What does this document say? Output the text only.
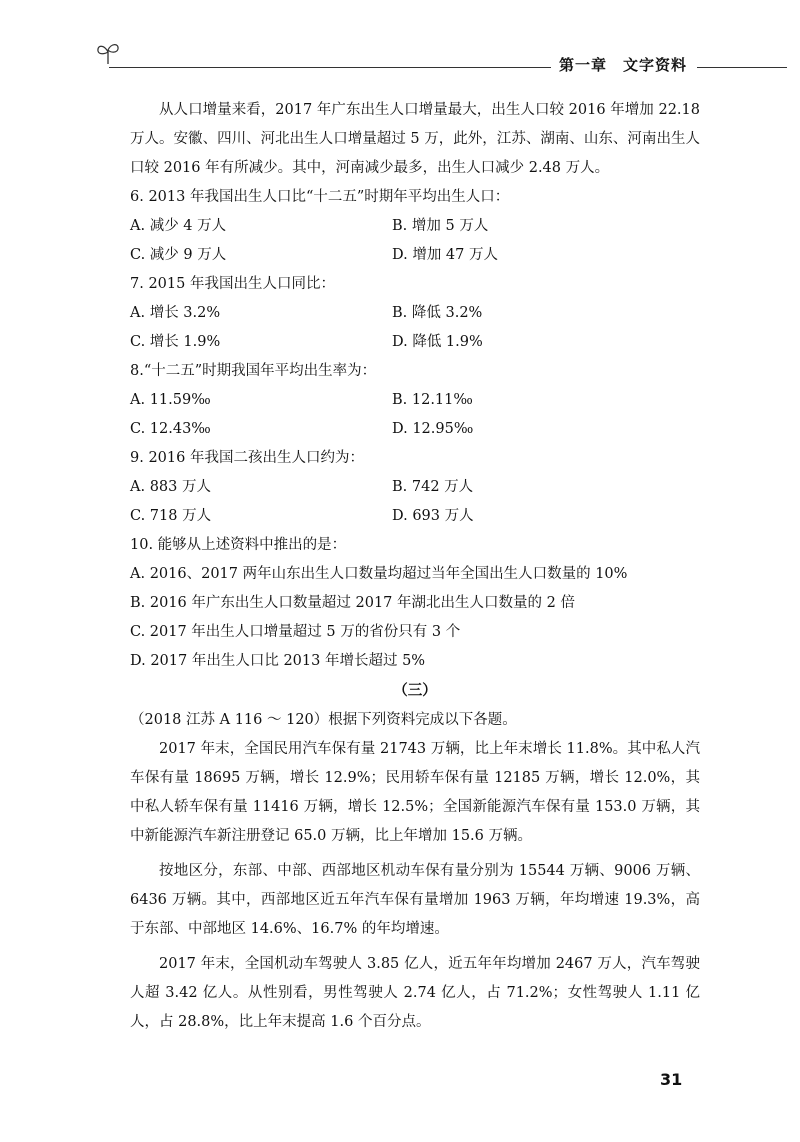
第一章　文字资料

从人口增量来看，2017 年广东出生人口增量最大，出生人口较 2016 年增加 22.18 万人。安徽、四川、河北出生人口增量超过 5 万，此外，江苏、湖南、山东、河南出生人口较 2016 年有所减少。其中，河南减少最多，出生人口减少 2.48 万人。

6. 2013 年我国出生人口比“十二五”时期年平均出生人口：

A. 减少 4 万人	B. 增加 5 万人
C. 减少 9 万人	D. 增加 47 万人

7. 2015 年我国出生人口同比：

A. 增长 3.2%	B. 降低 3.2%
C. 增长 1.9%	D. 降低 1.9%

8.“十二五”时期我国年平均出生率为：

A. 11.59‰	B. 12.11‰
C. 12.43‰	D. 12.95‰

9. 2016 年我国二孩出生人口约为：

A. 883 万人	B. 742 万人
C. 718 万人	D. 693 万人

10. 能够从上述资料中推出的是：

A. 2016、2017 两年山东出生人口数量均超过当年全国出生人口数量的 10%

B. 2016 年广东出生人口数量超过 2017 年湖北出生人口数量的 2 倍

C. 2017 年出生人口增量超过 5 万的省份只有 3 个

D. 2017 年出生人口比 2013 年增长超过 5%

（三）

（2018 江苏 A 116 ～ 120）根据下列资料完成以下各题。

2017 年末，全国民用汽车保有量 21743 万辆，比上年末增长 11.8%。其中私人汽车保有量 18695 万辆，增长 12.9%；民用轿车保有量 12185 万辆，增长 12.0%，其中私人轿车保有量 11416 万辆，增长 12.5%；全国新能源汽车保有量 153.0 万辆，其中新能源汽车新注册登记 65.0 万辆，比上年增加 15.6 万辆。

按地区分，东部、中部、西部地区机动车保有量分别为 15544 万辆、9006 万辆、6436 万辆。其中，西部地区近五年汽车保有量增加 1963 万辆，年均增速 19.3%，高于东部、中部地区 14.6%、16.7% 的年均增速。

2017 年末，全国机动车驾驶人 3.85 亿人，近五年年均增加 2467 万人，汽车驾驶人超 3.42 亿人。从性别看，男性驾驶人 2.74 亿人，占 71.2%；女性驾驶人 1.11 亿人，占 28.8%，比上年末提高 1.6 个百分点。

31
